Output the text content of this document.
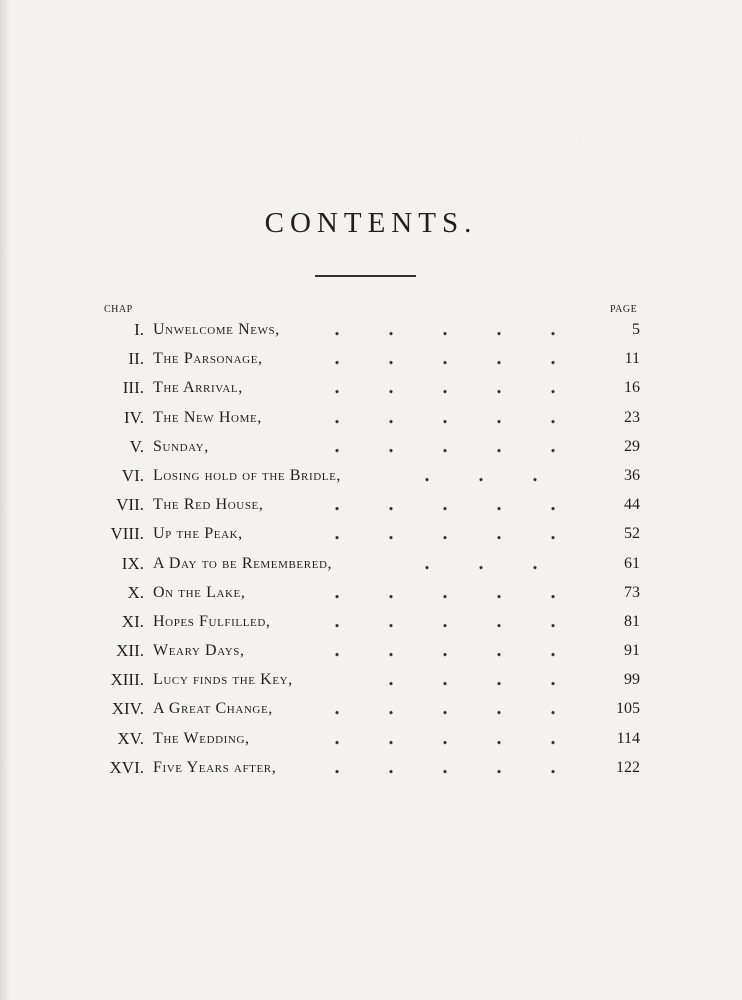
CONTENTS.
CHAP	PAGE
I. Unwelcome News,	5
II. The Parsonage,	11
III. The Arrival,	16
IV. The New Home,	23
V. Sunday,	29
VI. Losing hold of the Bridle,	36
VII. The Red House,	44
VIII. Up the Peak,	52
IX. A Day to be Remembered,	61
X. On the Lake,	73
XI. Hopes Fulfilled,	81
XII. Weary Days,	91
XIII. Lucy finds the Key,	99
XIV. A Great Change,	105
XV. The Wedding,	114
XVI. Five Years after,	122
